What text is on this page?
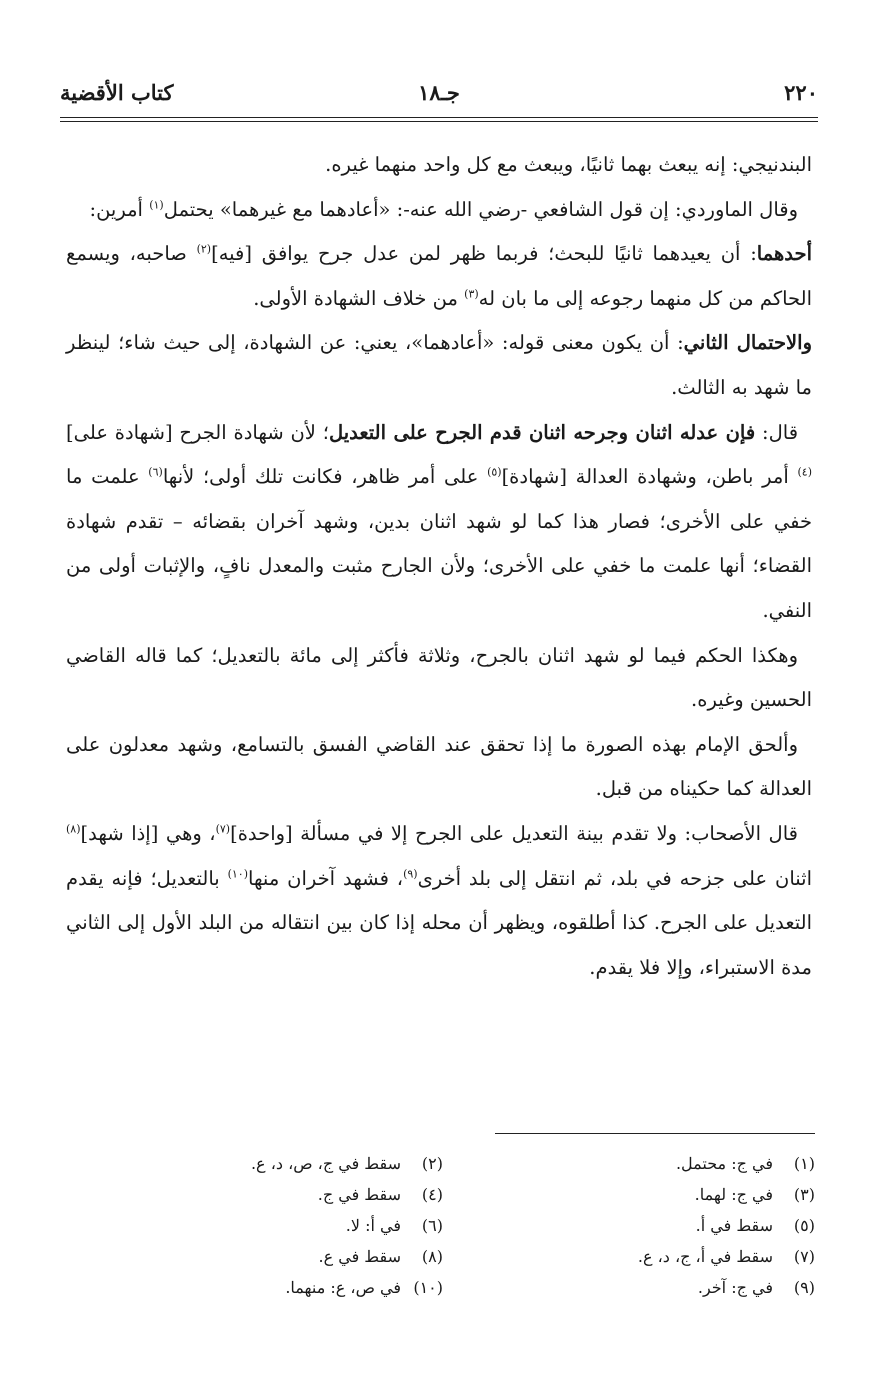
٢٢٠
جـ١٨
كتاب الأقضية

البندنيجي: إنه يبعث بهما ثانيًا، ويبعث مع كل واحد منهما غيره.

وقال الماوردي: إن قول الشافعي -رضي الله عنه-: «أعادهما مع غيرهما» يحتمل$^{(١)}$ أمرين:

أحدهما: أن يعيدهما ثانيًا للبحث؛ فربما ظهر لمن عدل جرح يوافق [فيه]$^{(٢)}$ صاحبه، ويسمع الحاكم من كل منهما رجوعه إلى ما بان له$^{(٣)}$ من خلاف الشهادة الأولى.

والاحتمال الثاني: أن يكون معنى قوله: «أعادهما»، يعني: عن الشهادة، إلى حيث شاء؛ لينظر ما شهد به الثالث.

قال: فإن عدله اثنان وجرحه اثنان قدم الجرح على التعديل؛ لأن شهادة الجرح [شهادة على]$^{(٤)}$ أمر باطن، وشهادة العدالة [شهادة]$^{(٥)}$ على أمر ظاهر، فكانت تلك أولى؛ لأنها$^{(٦)}$ علمت ما خفي على الأخرى؛ فصار هذا كما لو شهد اثنان بدين، وشهد آخران بقضائه – تقدم شهادة القضاء؛ أنها علمت ما خفي على الأخرى؛ ولأن الجارح مثبت والمعدل نافٍ، والإثبات أولى من النفي.

وهكذا الحكم فيما لو شهد اثنان بالجرح، وثلاثة فأكثر إلى مائة بالتعديل؛ كما قاله القاضي الحسين وغيره.

وألحق الإمام بهذه الصورة ما إذا تحقق عند القاضي الفسق بالتسامع، وشهد معدلون على العدالة كما حكيناه من قبل.

قال الأصحاب: ولا تقدم بينة التعديل على الجرح إلا في مسألة [واحدة]$^{(٧)}$، وهي [إذا شهد]$^{(٨)}$ اثنان على جزحه في بلد، ثم انتقل إلى بلد أخرى$^{(٩)}$، فشهد آخران منها$^{(١٠)}$ بالتعديل؛ فإنه يقدم التعديل على الجرح. كذا أطلقوه، ويظهر أن محله إذا كان بين انتقاله من البلد الأول إلى الثاني مدة الاستبراء، وإلا فلا يقدم.

(١)في ج: محتمل.
(٢)سقط في ج، ص، د، ع.
(٣)في ج: لهما.
(٤)سقط في ج.
(٥)سقط في أ.
(٦)في أ: لا.
(٧)سقط في أ، ج، د، ع.
(٨)سقط في ع.
(٩)في ج: آخر.
(١٠)في ص، ع: منهما.
